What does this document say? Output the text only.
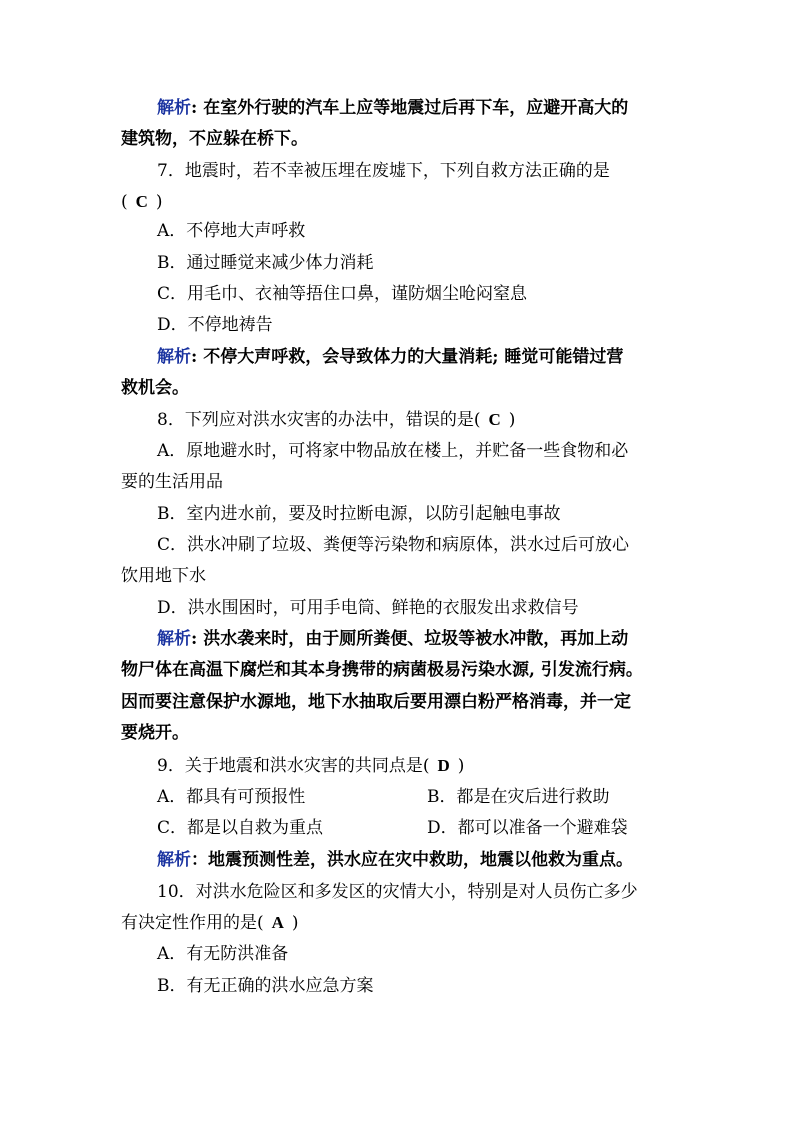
解析: 在室外行驶的汽车上应等地震过后再下车，应避开高大的
建筑物，不应躲在桥下。
7．地震时，若不幸被压埋在废墟下，下列自救方法正确的是
( C )
A．不停地大声呼救
B．通过睡觉来减少体力消耗
C．用毛巾、衣袖等捂住口鼻，谨防烟尘呛闷窒息
D．不停地祷告
解析: 不停大声呼救，会导致体力的大量消耗; 睡觉可能错过营
救机会。
8．下列应对洪水灾害的办法中，错误的是( C )
A．原地避水时，可将家中物品放在楼上，并贮备一些食物和必
要的生活用品
B．室内进水前，要及时拉断电源，以防引起触电事故
C．洪水冲刷了垃圾、粪便等污染物和病原体，洪水过后可放心
饮用地下水
D．洪水围困时，可用手电筒、鲜艳的衣服发出求救信号
解析: 洪水袭来时，由于厕所粪便、垃圾等被水冲散，再加上动
物尸体在高温下腐烂和其本身携带的病菌极易污染水源, 引发流行病。
因而要注意保护水源地，地下水抽取后要用漂白粉严格消毒，并一定
要烧开。
9．关于地震和洪水灾害的共同点是( D )
A．都具有可预报性	B．都是在灾后进行救助
C．都是以自救为重点	D．都可以准备一个避难袋
解析：地震预测性差，洪水应在灾中救助，地震以他救为重点。
10．对洪水危险区和多发区的灾情大小，特别是对人员伤亡多少
有决定性作用的是( A )
A．有无防洪准备
B．有无正确的洪水应急方案
